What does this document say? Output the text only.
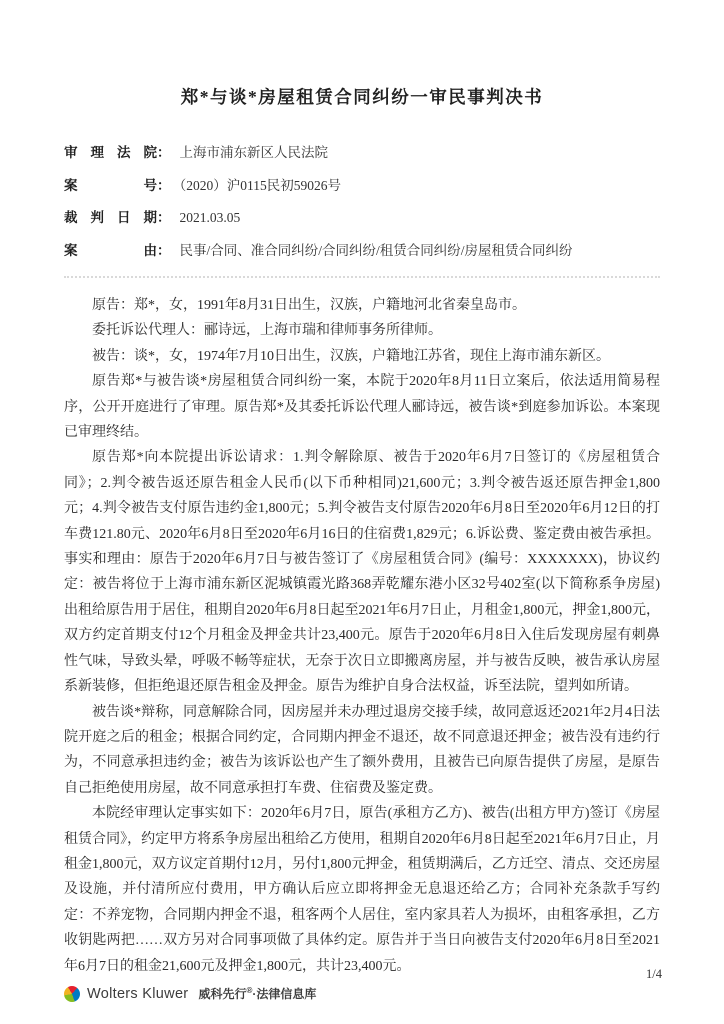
郑*与谈*房屋租赁合同纠纷一审民事判决书
审理法院： 上海市浦东新区人民法院
案号： （2020）沪0115民初59026号
裁判日期： 2021.03.05
案由： 民事/合同、准合同纠纷/合同纠纷/租赁合同纠纷/房屋租赁合同纠纷

原告：郑*，女，1991年8月31日出生，汉族，户籍地河北省秦皇岛市。

委托诉讼代理人：郦诗远，上海市瑞和律师事务所律师。

被告：谈*，女，1974年7月10日出生，汉族，户籍地江苏省，现住上海市浦东新区。

原告郑*与被告谈*房屋租赁合同纠纷一案，本院于2020年8月11日立案后，依法适用简易程序，公开开庭进行了审理。原告郑*及其委托诉讼代理人郦诗远，被告谈*到庭参加诉讼。本案现已审理终结。

原告郑*向本院提出诉讼请求：1.判令解除原、被告于2020年6月7日签订的《房屋租赁合同》；2.判令被告返还原告租金人民币(以下币种相同)21,600元；3.判令被告返还原告押金1,800元；4.判令被告支付原告违约金1,800元；5.判令被告支付原告2020年6月8日至2020年6月12日的打车费121.80元、2020年6月8日至2020年6月16日的住宿费1,829元；6.诉讼费、鉴定费由被告承担。事实和理由：原告于2020年6月7日与被告签订了《房屋租赁合同》(编号：XXXXXXX)，协议约定：被告将位于上海市浦东新区泥城镇霞光路368弄乾耀东港小区32号402室(以下简称系争房屋)出租给原告用于居住，租期自2020年6月8日起至2021年6月7日止，月租金1,800元，押金1,800元，双方约定首期支付12个月租金及押金共计23,400元。原告于2020年6月8日入住后发现房屋有刺鼻性气味，导致头晕，呼吸不畅等症状，无奈于次日立即搬离房屋，并与被告反映，被告承认房屋系新装修，但拒绝退还原告租金及押金。原告为维护自身合法权益，诉至法院，望判如所请。

被告谈*辩称，同意解除合同，因房屋并未办理过退房交接手续，故同意返还2021年2月4日法院开庭之后的租金；根据合同约定，合同期内押金不退还，故不同意退还押金；被告没有违约行为，不同意承担违约金；被告为该诉讼也产生了额外费用，且被告已向原告提供了房屋，是原告自己拒绝使用房屋，故不同意承担打车费、住宿费及鉴定费。

本院经审理认定事实如下：2020年6月7日，原告(承租方乙方)、被告(出租方甲方)签订《房屋租赁合同》，约定甲方将系争房屋出租给乙方使用，租期自2020年6月8日起至2021年6月7日止，月租金1,800元，双方议定首期付12月，另付1,800元押金，租赁期满后，乙方迁空、清点、交还房屋及设施，并付清所应付费用，甲方确认后应立即将押金无息退还给乙方；合同补充条款手写约定：不养宠物，合同期内押金不退，租客两个人居住，室内家具若人为损坏，由租客承担，乙方收钥匙两把……双方另对合同事项做了具体约定。原告并于当日向被告支付2020年6月8日至2021年6月7日的租金21,600元及押金1,800元，共计23,400元。

Wolters Kluwer 威科先行®·法律信息库
1/4
